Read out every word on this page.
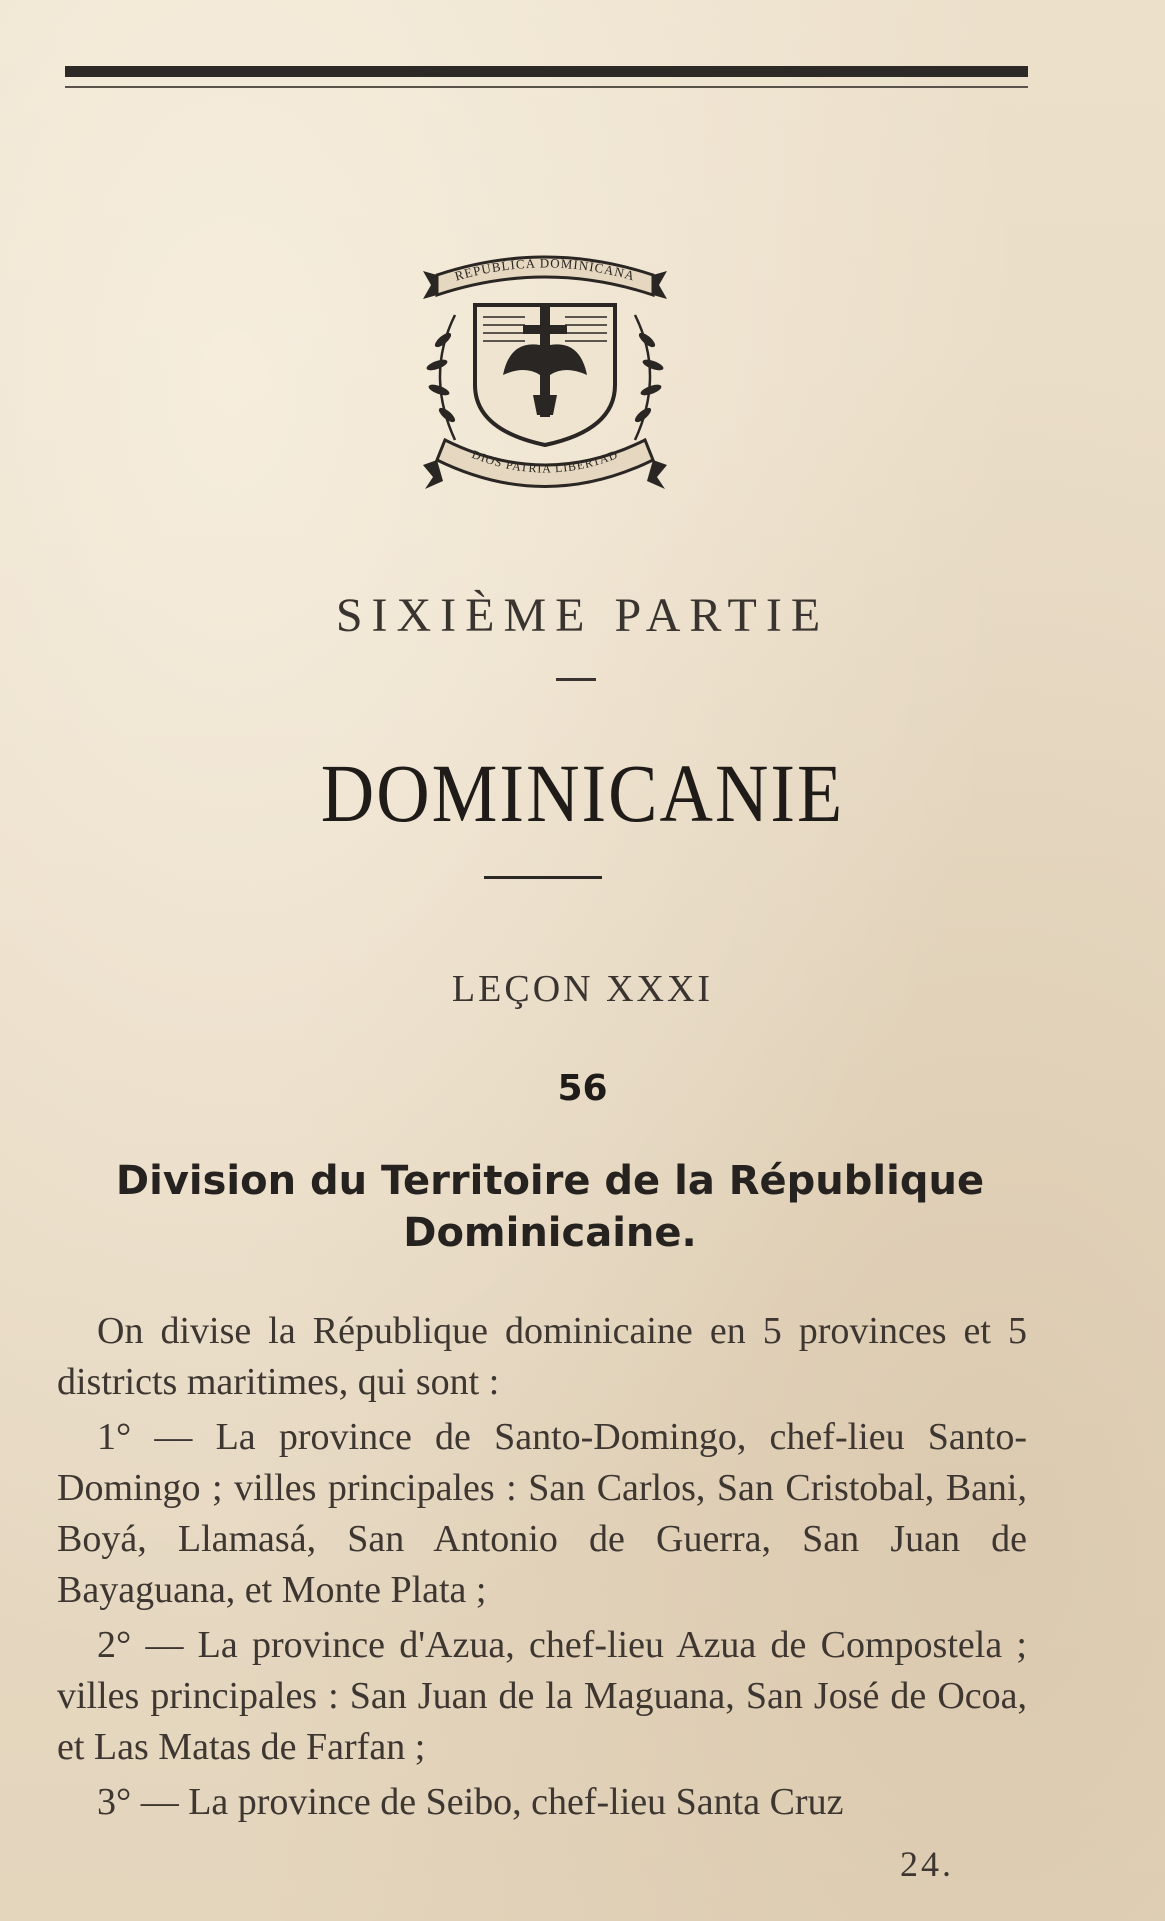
REPUBLICA DOMINICANA
DIOS PATRIA LIBERTAD
SIXIÈME PARTIE
DOMINICANIE
LEÇON XXXI
56
Division du Territoire de la République Dominicaine.

On divise la République dominicaine en 5 provinces et 5 districts maritimes, qui sont :

1° — La province de Santo-Domingo, chef-lieu Santo-Domingo ; villes principales : San Carlos, San Cristobal, Bani, Boyá, Llamasá, San Antonio de Guerra, San Juan de Bayaguana, et Monte Plata ;

2° — La province d'Azua, chef-lieu Azua de Compostela ; villes principales : San Juan de la Maguana, San José de Ocoa, et Las Matas de Farfan ;

3° — La province de Seibo, chef-lieu Santa Cruz

24.
